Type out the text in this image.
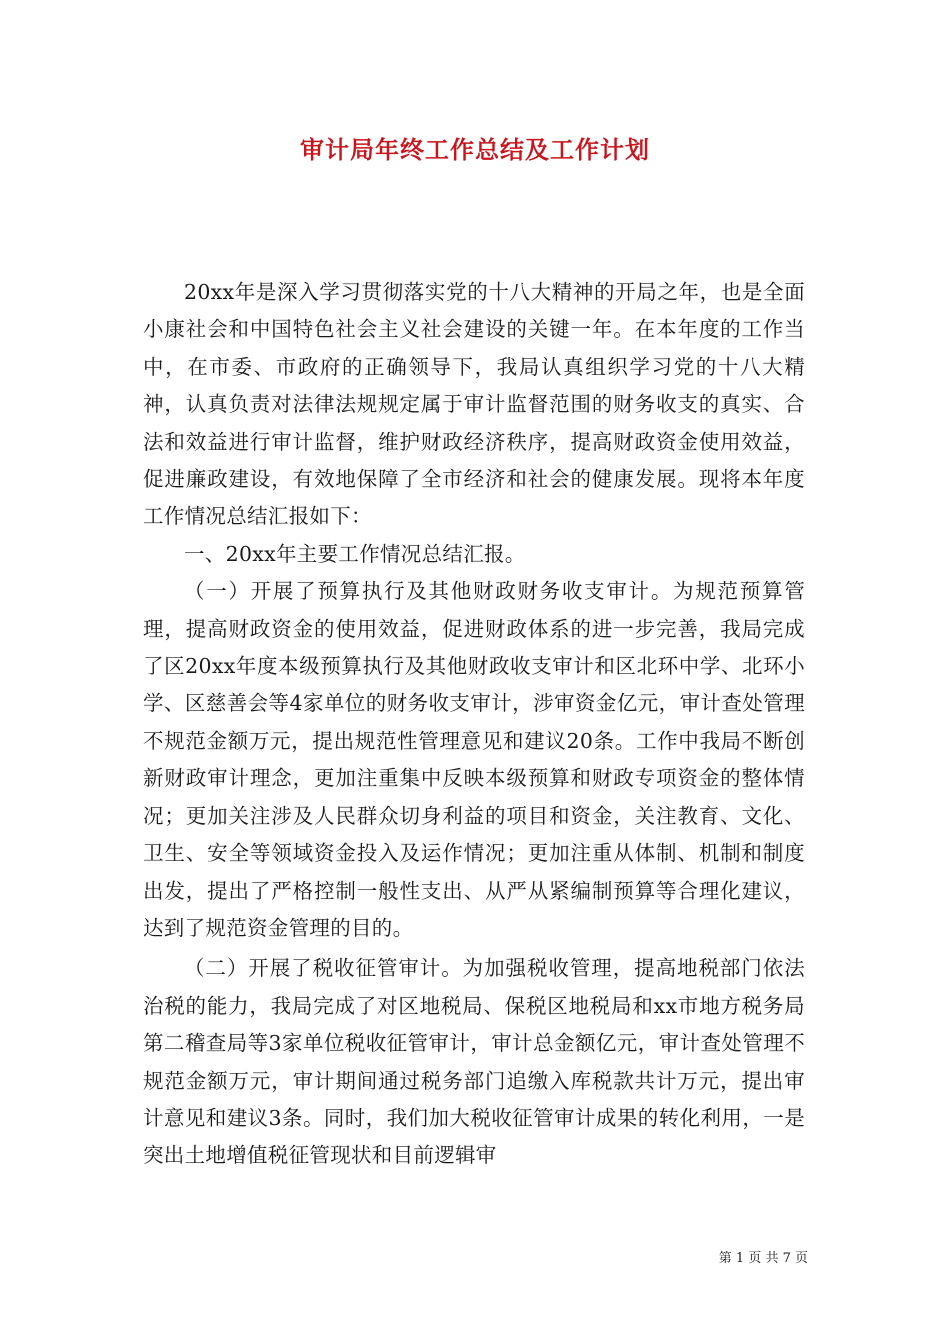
审计局年终工作总结及工作计划

20xx年是深入学习贯彻落实党的十八大精神的开局之年，也是全面小康社会和中国特色社会主义社会建设的关键一年。在本年度的工作当中，在市委、市政府的正确领导下，我局认真组织学习党的十八大精神，认真负责对法律法规规定属于审计监督范围的财务收支的真实、合法和效益进行审计监督，维护财政经济秩序，提高财政资金使用效益，促进廉政建设，有效地保障了全市经济和社会的健康发展。现将本年度工作情况总结汇报如下：

一、20xx年主要工作情况总结汇报。

（一）开展了预算执行及其他财政财务收支审计。为规范预算管理，提高财政资金的使用效益，促进财政体系的进一步完善，我局完成了区20xx年度本级预算执行及其他财政收支审计和区北环中学、北环小学、区慈善会等4家单位的财务收支审计，涉审资金亿元，审计查处管理不规范金额万元，提出规范性管理意见和建议20条。工作中我局不断创新财政审计理念，更加注重集中反映本级预算和财政专项资金的整体情况；更加关注涉及人民群众切身利益的项目和资金，关注教育、文化、卫生、安全等领域资金投入及运作情况；更加注重从体制、机制和制度出发，提出了严格控制一般性支出、从严从紧编制预算等合理化建议，达到了规范资金管理的目的。

（二）开展了税收征管审计。为加强税收管理，提高地税部门依法治税的能力，我局完成了对区地税局、保税区地税局和xx市地方税务局第二稽查局等3家单位税收征管审计，审计总金额亿元，审计查处管理不规范金额万元，审计期间通过税务部门追缴入库税款共计万元，提出审计意见和建议3条。同时，我们加大税收征管审计成果的转化利用，一是突出土地增值税征管现状和目前逻辑审

第 1 页 共 7 页
